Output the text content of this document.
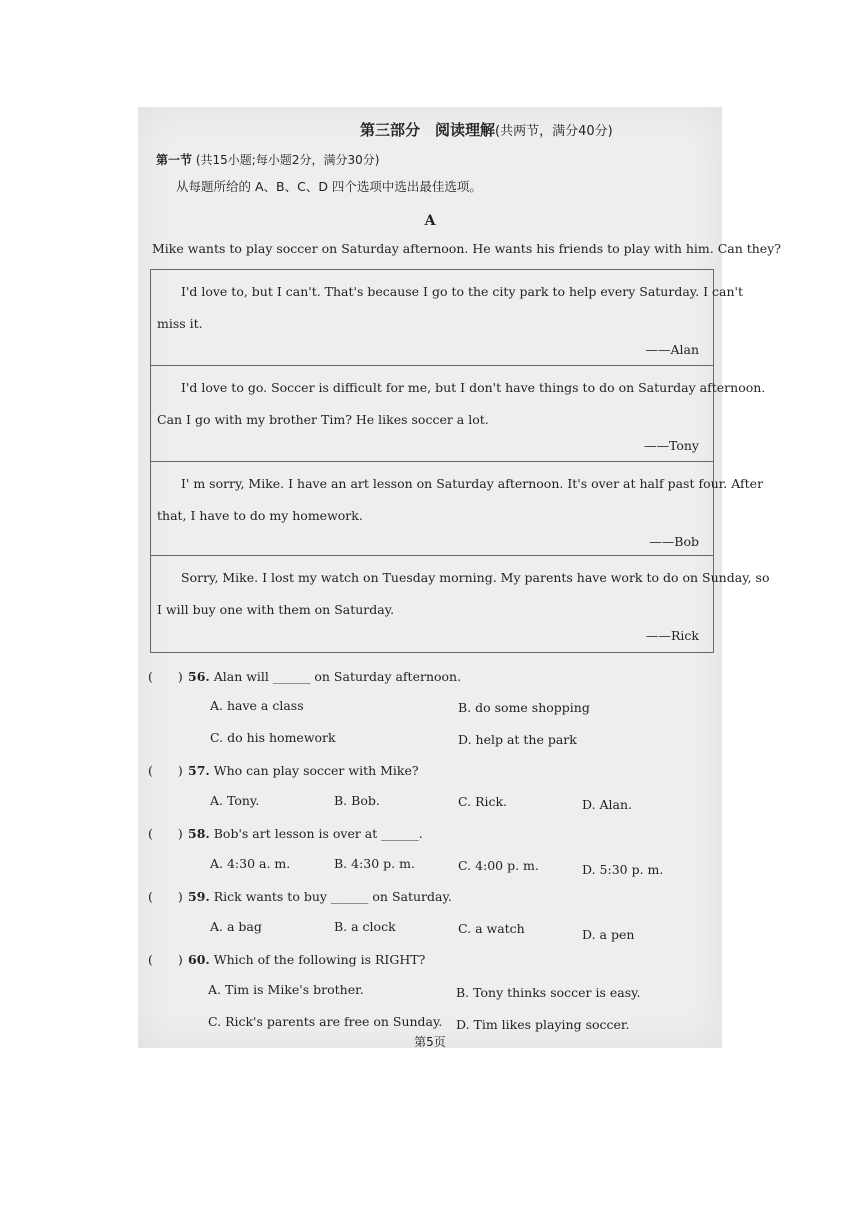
第三部分　阅读理解(共两节，满分40分)
第一节 (共15小题;每小题2分，满分30分)
从每题所给的 A、B、C、D 四个选项中选出最佳选项。
A
Mike wants to play soccer on Saturday afternoon. He wants his friends to play with him. Can they?
I'd love to, but I can't. That's because I go to the city park to help every Saturday. I can't
miss it.
——Alan
I'd love to go. Soccer is difficult for me, but I don't have things to do on Saturday afternoon.
Can I go with my brother Tim? He likes soccer a lot.
——Tony
I' m sorry, Mike. I have an art lesson on Saturday afternoon. It's over at half past four. After
that, I have to do my homework.
——Bob
Sorry, Mike. I lost my watch on Tuesday morning. My parents have work to do on Sunday, so
I will buy one with them on Saturday.
——Rick
(　　) 56. Alan will ______ on Saturday afternoon.
A. have a class	B. do some shopping
C. do his homework	D. help at the park
(　　) 57. Who can play soccer with Mike?
A. Tony.	B. Bob.	C. Rick.	D. Alan.
(　　) 58. Bob's art lesson is over at ______.
A. 4:30 a. m.	B. 4:30 p. m.	C. 4:00 p. m.	D. 5:30 p. m.
(　　) 59. Rick wants to buy ______ on Saturday.
A. a bag	B. a clock	C. a watch	D. a pen
(　　) 60. Which of the following is RIGHT?
A. Tim is Mike's brother.	B. Tony thinks soccer is easy.
C. Rick's parents are free on Sunday. D. Tim likes playing soccer.
第5页
